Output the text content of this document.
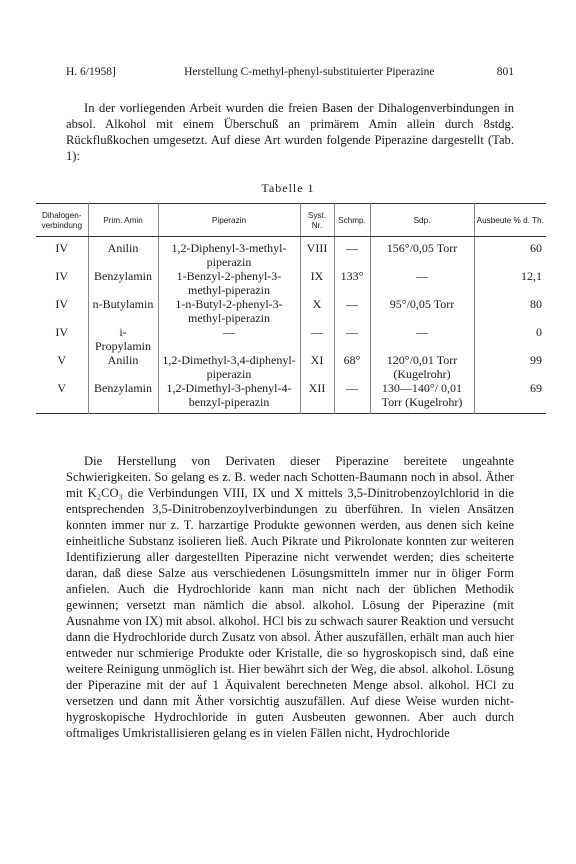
H. 6/1958]	Herstellung C-methyl-phenyl-substituierter Piperazine	801

In der vorliegenden Arbeit wurden die freien Basen der Dihalogenverbindungen in absol. Alkohol mit einem Überschuß an primärem Amin allein durch 8stdg. Rückflußkochen umgesetzt. Auf diese Art wurden folgende Piperazine dargestellt (Tab. 1):

Tabelle 1
Dihalogen-verbindung	Prim. Amin	Piperazin	Syst. Nr.	Schmp.	Sdp.	Ausbeute % d. Th.
IV	Anilin	1,2-Diphenyl-3-methyl-piperazin	VIII	—	156°/0,05 Torr	60
IV	Benzylamin	1-Benzyl-2-phenyl-3-methyl-piperazin	IX	133°	—	12,1
IV	n-Butylamin	1-n-Butyl-2-phenyl-3-methyl-piperazin	X	—	95°/0,05 Torr	80
IV	i-Propylamin	—	—	—	—	0
V	Anilin	1,2-Dimethyl-3,4-diphenyl-piperazin	XI	68°	120°/0,01 Torr (Kugelrohr)	99
V	Benzylamin	1,2-Dimethyl-3-phenyl-4-benzyl-piperazin	XII	—	130—140°/ 0,01 Torr (Kugelrohr)	69

Die Herstellung von Derivaten dieser Piperazine bereitete ungeahnte Schwierigkeiten. So gelang es z. B. weder nach Schotten-Baumann noch in absol. Äther mit K₂CO₃ die Verbindungen VIII, IX und X mittels 3,5-Dinitrobenzoylchlorid in die entsprechenden 3,5-Dinitrobenzoylverbindungen zu überführen. In vielen Ansätzen konnten immer nur z. T. harzartige Produkte gewonnen werden, aus denen sich keine einheitliche Substanz isolieren ließ. Auch Pikrate und Pikrolonate konnten zur weiteren Identifizierung aller dargestellten Piperazine nicht verwendet werden; dies scheiterte daran, daß diese Salze aus verschiedenen Lösungsmitteln immer nur in öliger Form anfielen. Auch die Hydrochloride kann man nicht nach der üblichen Methodik gewinnen; versetzt man nämlich die absol. alkohol. Lösung der Piperazine (mit Ausnahme von IX) mit absol. alkohol. HCl bis zu schwach saurer Reaktion und versucht dann die Hydrochloride durch Zusatz von absol. Äther auszufällen, erhält man auch hier entweder nur schmierige Produkte oder Kristalle, die so hygroskopisch sind, daß eine weitere Reinigung unmöglich ist. Hier bewährt sich der Weg, die absol. alkohol. Lösung der Piperazine mit der auf 1 Äquivalent berechneten Menge absol. alkohol. HCl zu versetzen und dann mit Äther vorsichtig auszufällen. Auf diese Weise wurden nicht-hygroskopische Hydrochloride in guten Ausbeuten gewonnen. Aber auch durch oftmaliges Umkristallisieren gelang es in vielen Fällen nicht, Hydrochloride
